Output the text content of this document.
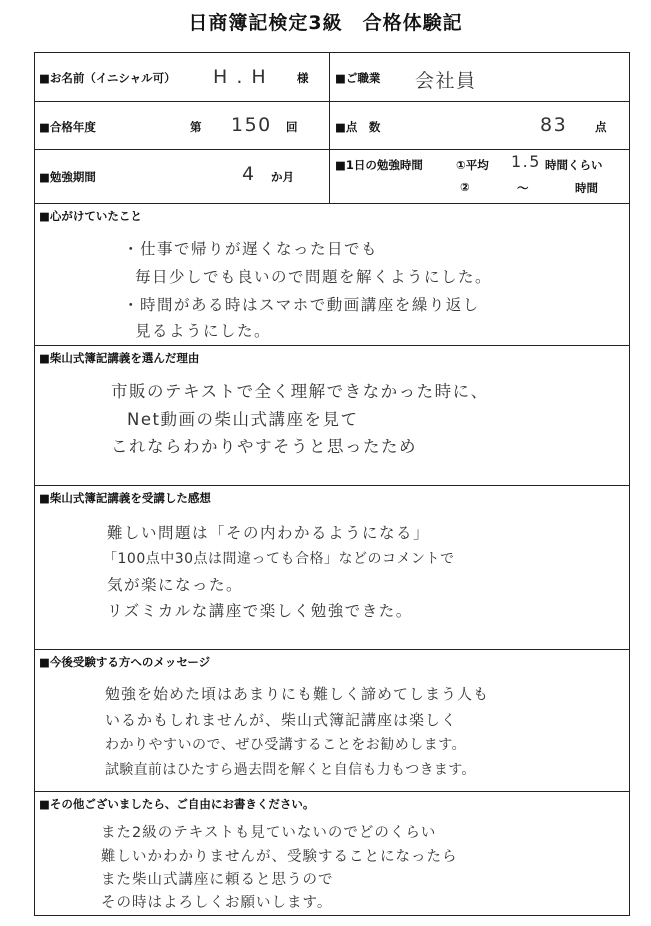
日商簿記検定3級　合格体験記
■お名前（イニシャル可） H . H	様 ■ご職業 会社員
■合格年度	第 150 回	■点　数	83 点
■勉強期間	4 か月
■1日の勉強時間	①平均 1.5 時間くらい
②	～	時間
■心がけていたこと
・仕事で帰りが遅くなった日でも
毎日少しでも良いので問題を解くようにした。
・時間がある時はスマホで動画講座を繰り返し
見るようにした。
■柴山式簿記講義を選んだ理由
市販のテキストで全く理解できなかった時に、
Net動画の柴山式講座を見て
これならわかりやすそうと思ったため
■柴山式簿記講義を受講した感想
難しい問題は「その内わかるようになる」
「100点中30点は間違っても合格」などのコメントで
気が楽になった。
リズミカルな講座で楽しく勉強できた。
■今後受験する方へのメッセージ
勉強を始めた頃はあまりにも難しく諦めてしまう人も
いるかもしれませんが、柴山式簿記講座は楽しく
わかりやすいので、ぜひ受講することをお勧めします。
試験直前はひたすら過去問を解くと自信も力もつきます。
■その他ございましたら、ご自由にお書きください。
また2級のテキストも見ていないのでどのくらい
難しいかわかりませんが、受験することになったら
また柴山式講座に頼ると思うので
その時はよろしくお願いします。
